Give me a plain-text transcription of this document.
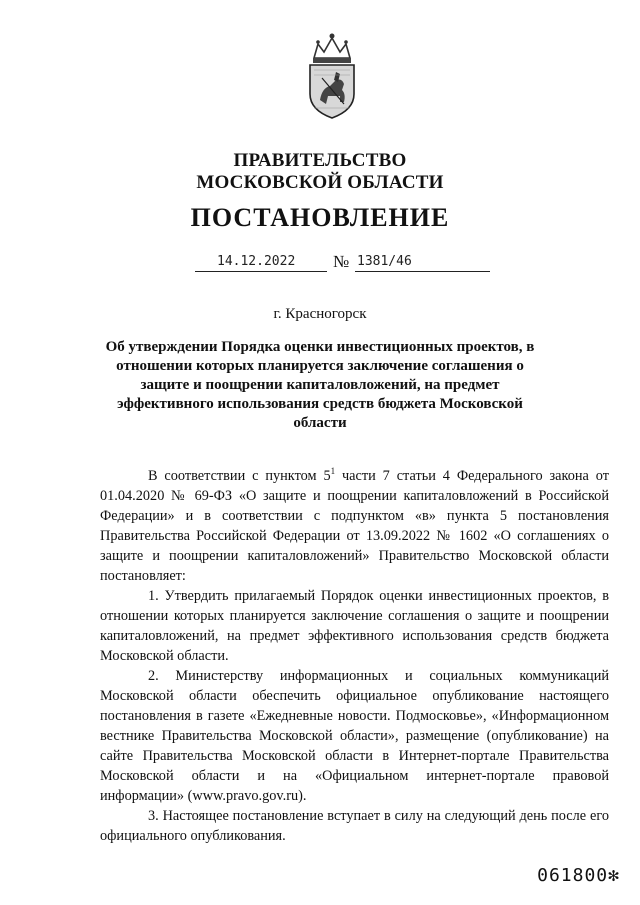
ПРАВИТЕЛЬСТВО
МОСКОВСКОЙ ОБЛАСТИ
ПОСТАНОВЛЕНИЕ
14.12.2022 № 1381/46
г. Красногорск
Об утверждении Порядка оценки инвестиционных проектов, в отношении которых планируется заключение соглашения о защите и поощрении капиталовложений, на предмет эффективного использования средств бюджета Московской области

В соответствии с пунктом $5^1$ части 7 статьи 4 Федерального закона от 01.04.2020 № 69-ФЗ «О защите и поощрении капиталовложений в Российской Федерации» и в соответствии с подпунктом «в» пункта 5 постановления Правительства Российской Федерации от 13.09.2022 № 1602 «О соглашениях о защите и поощрении капиталовложений» Правительство Московской области постановляет:

1. Утвердить прилагаемый Порядок оценки инвестиционных проектов, в отношении которых планируется заключение соглашения о защите и поощрении капиталовложений, на предмет эффективного использования средств бюджета Московской области.

2. Министерству информационных и социальных коммуникаций Московской области обеспечить официальное опубликование настоящего постановления в газете «Ежедневные новости. Подмосковье», «Информационном вестнике Правительства Московской области», размещение (опубликование) на сайте Правительства Московской области в Интернет-портале Правительства Московской области и на «Официальном интернет-портале правовой информации» (www.pravo.gov.ru).

3. Настоящее постановление вступает в силу на следующий день после его официального опубликования.

061800✻
